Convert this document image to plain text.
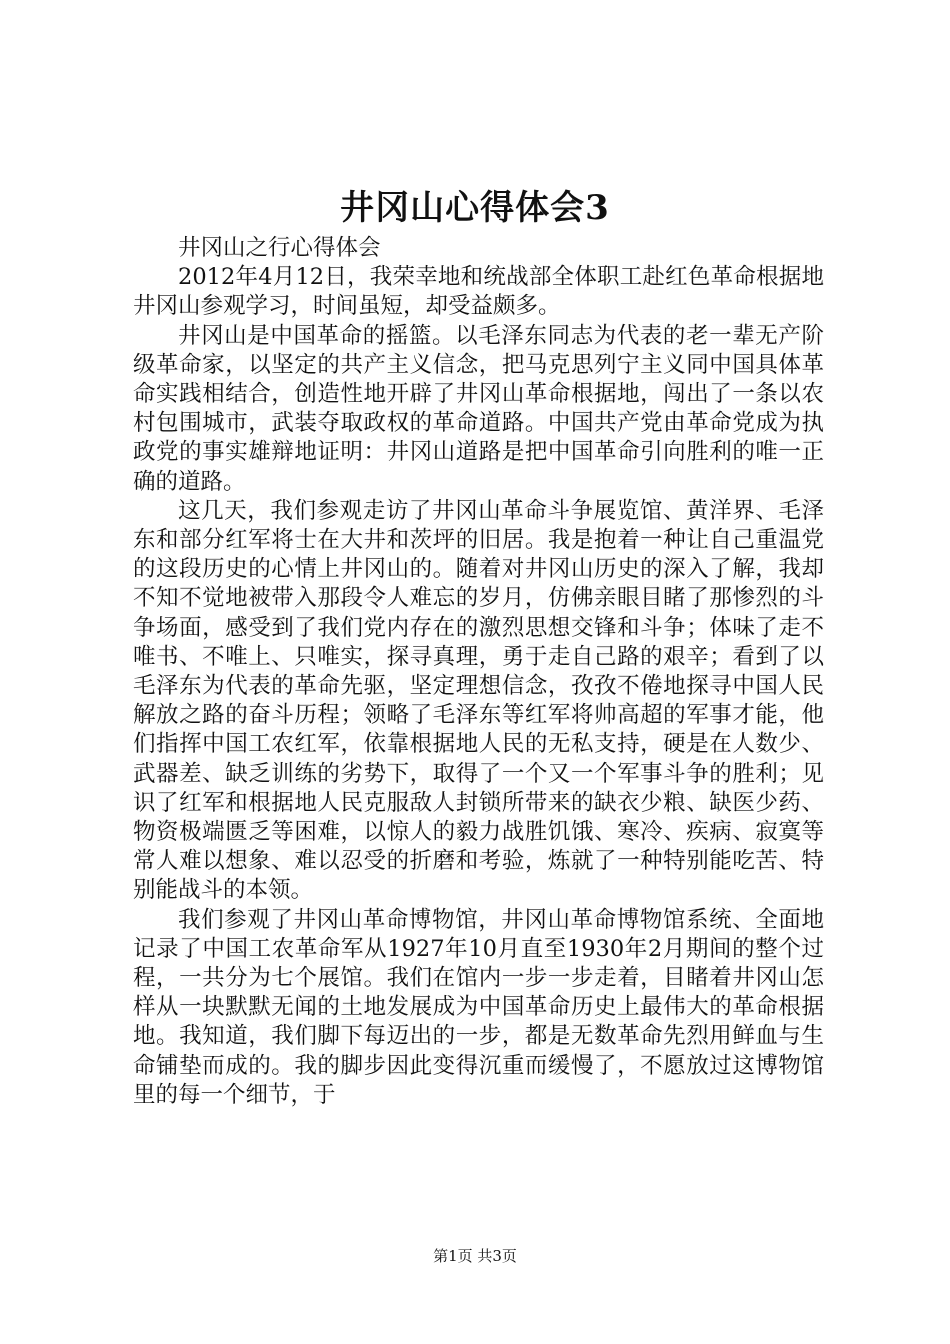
井冈山心得体会3

井冈山之行心得体会

2012年4月12日，我荣幸地和统战部全体职工赴红色革命根据地井冈山参观学习，时间虽短，却受益颇多。

井冈山是中国革命的摇篮。以毛泽东同志为代表的老一辈无产阶级革命家，以坚定的共产主义信念，把马克思列宁主义同中国具体革命实践相结合，创造性地开辟了井冈山革命根据地，闯出了一条以农村包围城市，武装夺取政权的革命道路。中国共产党由革命党成为执政党的事实雄辩地证明：井冈山道路是把中国革命引向胜利的唯一正确的道路。

这几天，我们参观走访了井冈山革命斗争展览馆、黄洋界、毛泽东和部分红军将士在大井和茨坪的旧居。我是抱着一种让自己重温党的这段历史的心情上井冈山的。随着对井冈山历史的深入了解，我却不知不觉地被带入那段令人难忘的岁月，仿佛亲眼目睹了那惨烈的斗争场面，感受到了我们党内存在的激烈思想交锋和斗争；体味了走不唯书、不唯上、只唯实，探寻真理，勇于走自己路的艰辛；看到了以毛泽东为代表的革命先驱，坚定理想信念，孜孜不倦地探寻中国人民解放之路的奋斗历程；领略了毛泽东等红军将帅高超的军事才能，他们指挥中国工农红军，依靠根据地人民的无私支持，硬是在人数少、武器差、缺乏训练的劣势下，取得了一个又一个军事斗争的胜利；见识了红军和根据地人民克服敌人封锁所带来的缺衣少粮、缺医少药、物资极端匮乏等困难，以惊人的毅力战胜饥饿、寒冷、疾病、寂寞等常人难以想象、难以忍受的折磨和考验，炼就了一种特别能吃苦、特别能战斗的本领。

我们参观了井冈山革命博物馆，井冈山革命博物馆系统、全面地记录了中国工农革命军从1927年10月直至1930年2月期间的整个过程，一共分为七个展馆。我们在馆内一步一步走着，目睹着井冈山怎样从一块默默无闻的土地发展成为中国革命历史上最伟大的革命根据地。我知道，我们脚下每迈出的一步，都是无数革命先烈用鲜血与生命铺垫而成的。我的脚步因此变得沉重而缓慢了，不愿放过这博物馆里的每一个细节，于

第1页 共3页
